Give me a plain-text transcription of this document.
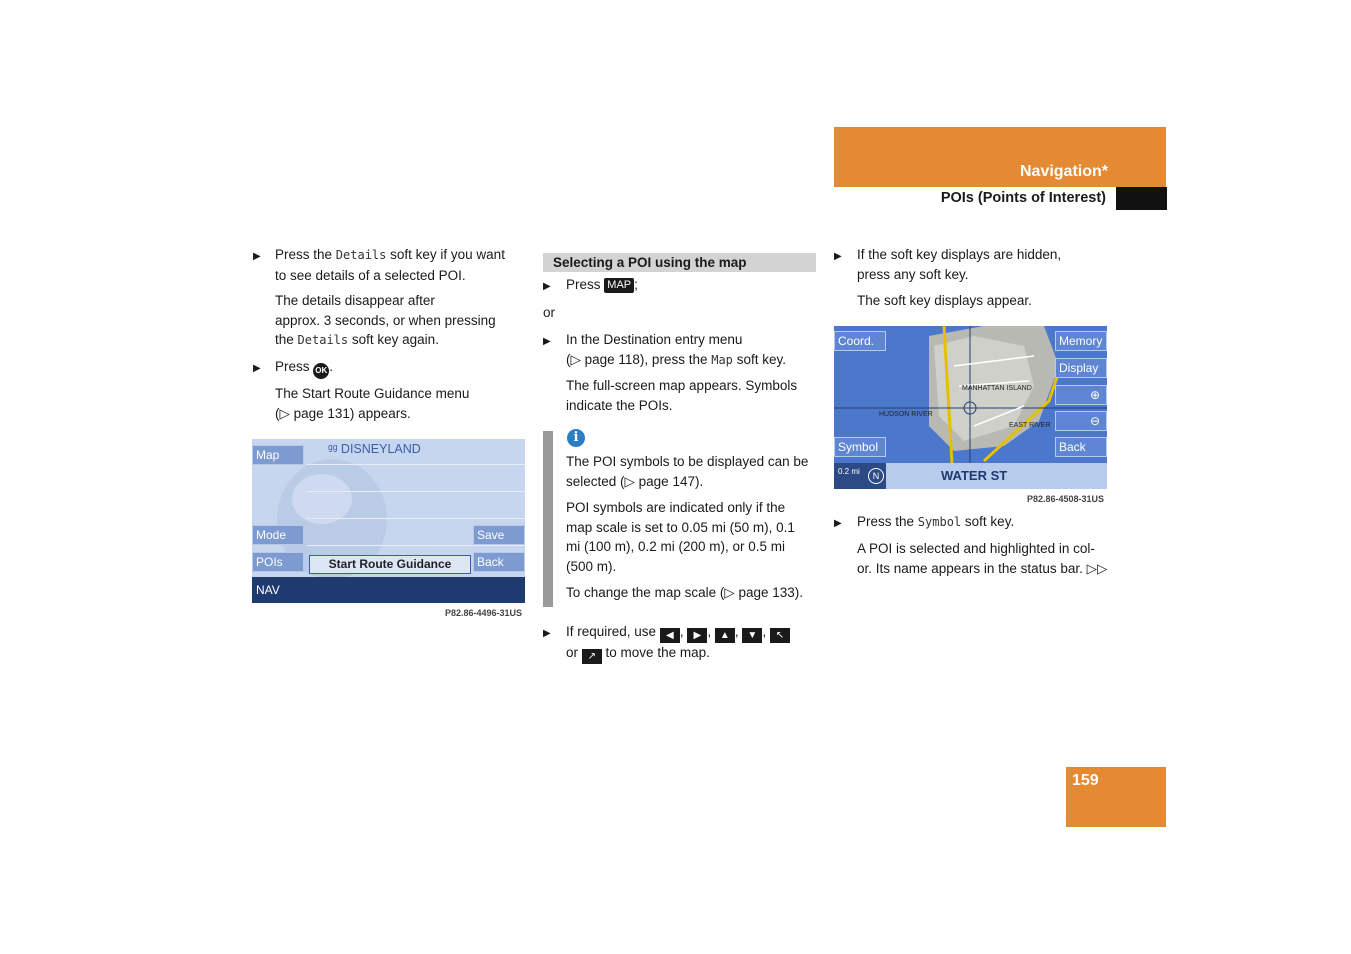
Navigation*
POIs (Points of Interest)
▶ Press the Details soft key if you want
to see details of a selected POI.
The details disappear after
approx. 3 seconds, or when pressing
the Details soft key again.
▶ Press OK .
The Start Route Guidance menu
(▷ page 131) appears.
Map	ᵍᵍ DISNEYLAND
Mode	Save
POIs	Start Route Guidance	Back
NAV
P82.86-4496-31US
Selecting a POI using the map
▶ Press MAP ;
or
▶ In the Destination entry menu
(▷ page 118), press the Map soft key.
The full-screen map appears. Symbols
indicate the POIs.
i
The POI symbols to be displayed can be
selected (▷ page 147).
POI symbols are indicated only if the
map scale is set to 0.05 mi (50 m), 0.1
mi (100 m), 0.2 mi (200 m), or 0.5 mi
(500 m).
To change the map scale (▷ page 133).
▶ If required, use ◀ , ▶ , ▲ , ▼ , ↖
or ↗ to move the map.
▶ If the soft key displays are hidden,
press any soft key.
The soft key displays appear.
MANHATTAN ISLAND
HUDSON RIVER
EAST RIVER
Coord.	Memory
Display
⊕
⊖
Symbol	Back
0.2 mi	N	WATER ST
P82.86-4508-31US
▶ Press the Symbol soft key.
A POI is selected and highlighted in col-
or. Its name appears in the status bar. ▷▷
159
